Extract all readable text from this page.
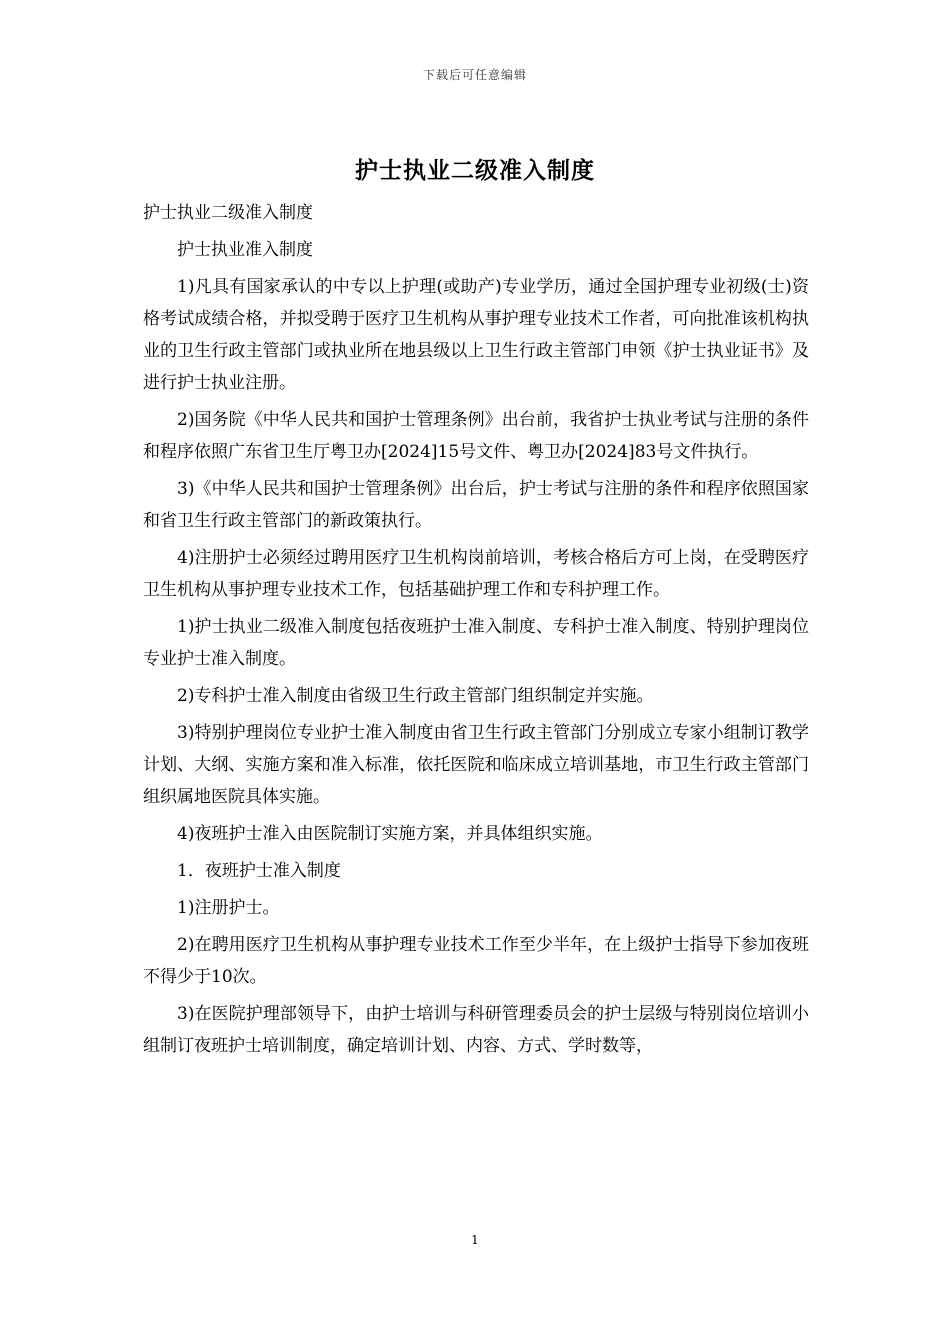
下载后可任意编辑
护士执业二级准入制度

护士执业二级准入制度

护士执业准入制度

1)凡具有国家承认的中专以上护理(或助产)专业学历，通过全国护理专业初级(士)资格考试成绩合格，并拟受聘于医疗卫生机构从事护理专业技术工作者，可向批准该机构执业的卫生行政主管部门或执业所在地县级以上卫生行政主管部门申领《护士执业证书》及进行护士执业注册。

2)国务院《中华人民共和国护士管理条例》出台前，我省护士执业考试与注册的条件和程序依照广东省卫生厅粤卫办[2024]15号文件、粤卫办[2024]83号文件执行。

3)《中华人民共和国护士管理条例》出台后，护士考试与注册的条件和程序依照国家和省卫生行政主管部门的新政策执行。

4)注册护士必须经过聘用医疗卫生机构岗前培训，考核合格后方可上岗，在受聘医疗卫生机构从事护理专业技术工作，包括基础护理工作和专科护理工作。

1)护士执业二级准入制度包括夜班护士准入制度、专科护士准入制度、特别护理岗位专业护士准入制度。

2)专科护士准入制度由省级卫生行政主管部门组织制定并实施。

3)特别护理岗位专业护士准入制度由省卫生行政主管部门分别成立专家小组制订教学计划、大纲、实施方案和准入标准，依托医院和临床成立培训基地，市卫生行政主管部门组织属地医院具体实施。

4)夜班护士准入由医院制订实施方案，并具体组织实施。

1．夜班护士准入制度

1)注册护士。

2)在聘用医疗卫生机构从事护理专业技术工作至少半年，在上级护士指导下参加夜班不得少于10次。

3)在医院护理部领导下，由护士培训与科研管理委员会的护士层级与特别岗位培训小组制订夜班护士培训制度，确定培训计划、内容、方式、学时数等，

1
